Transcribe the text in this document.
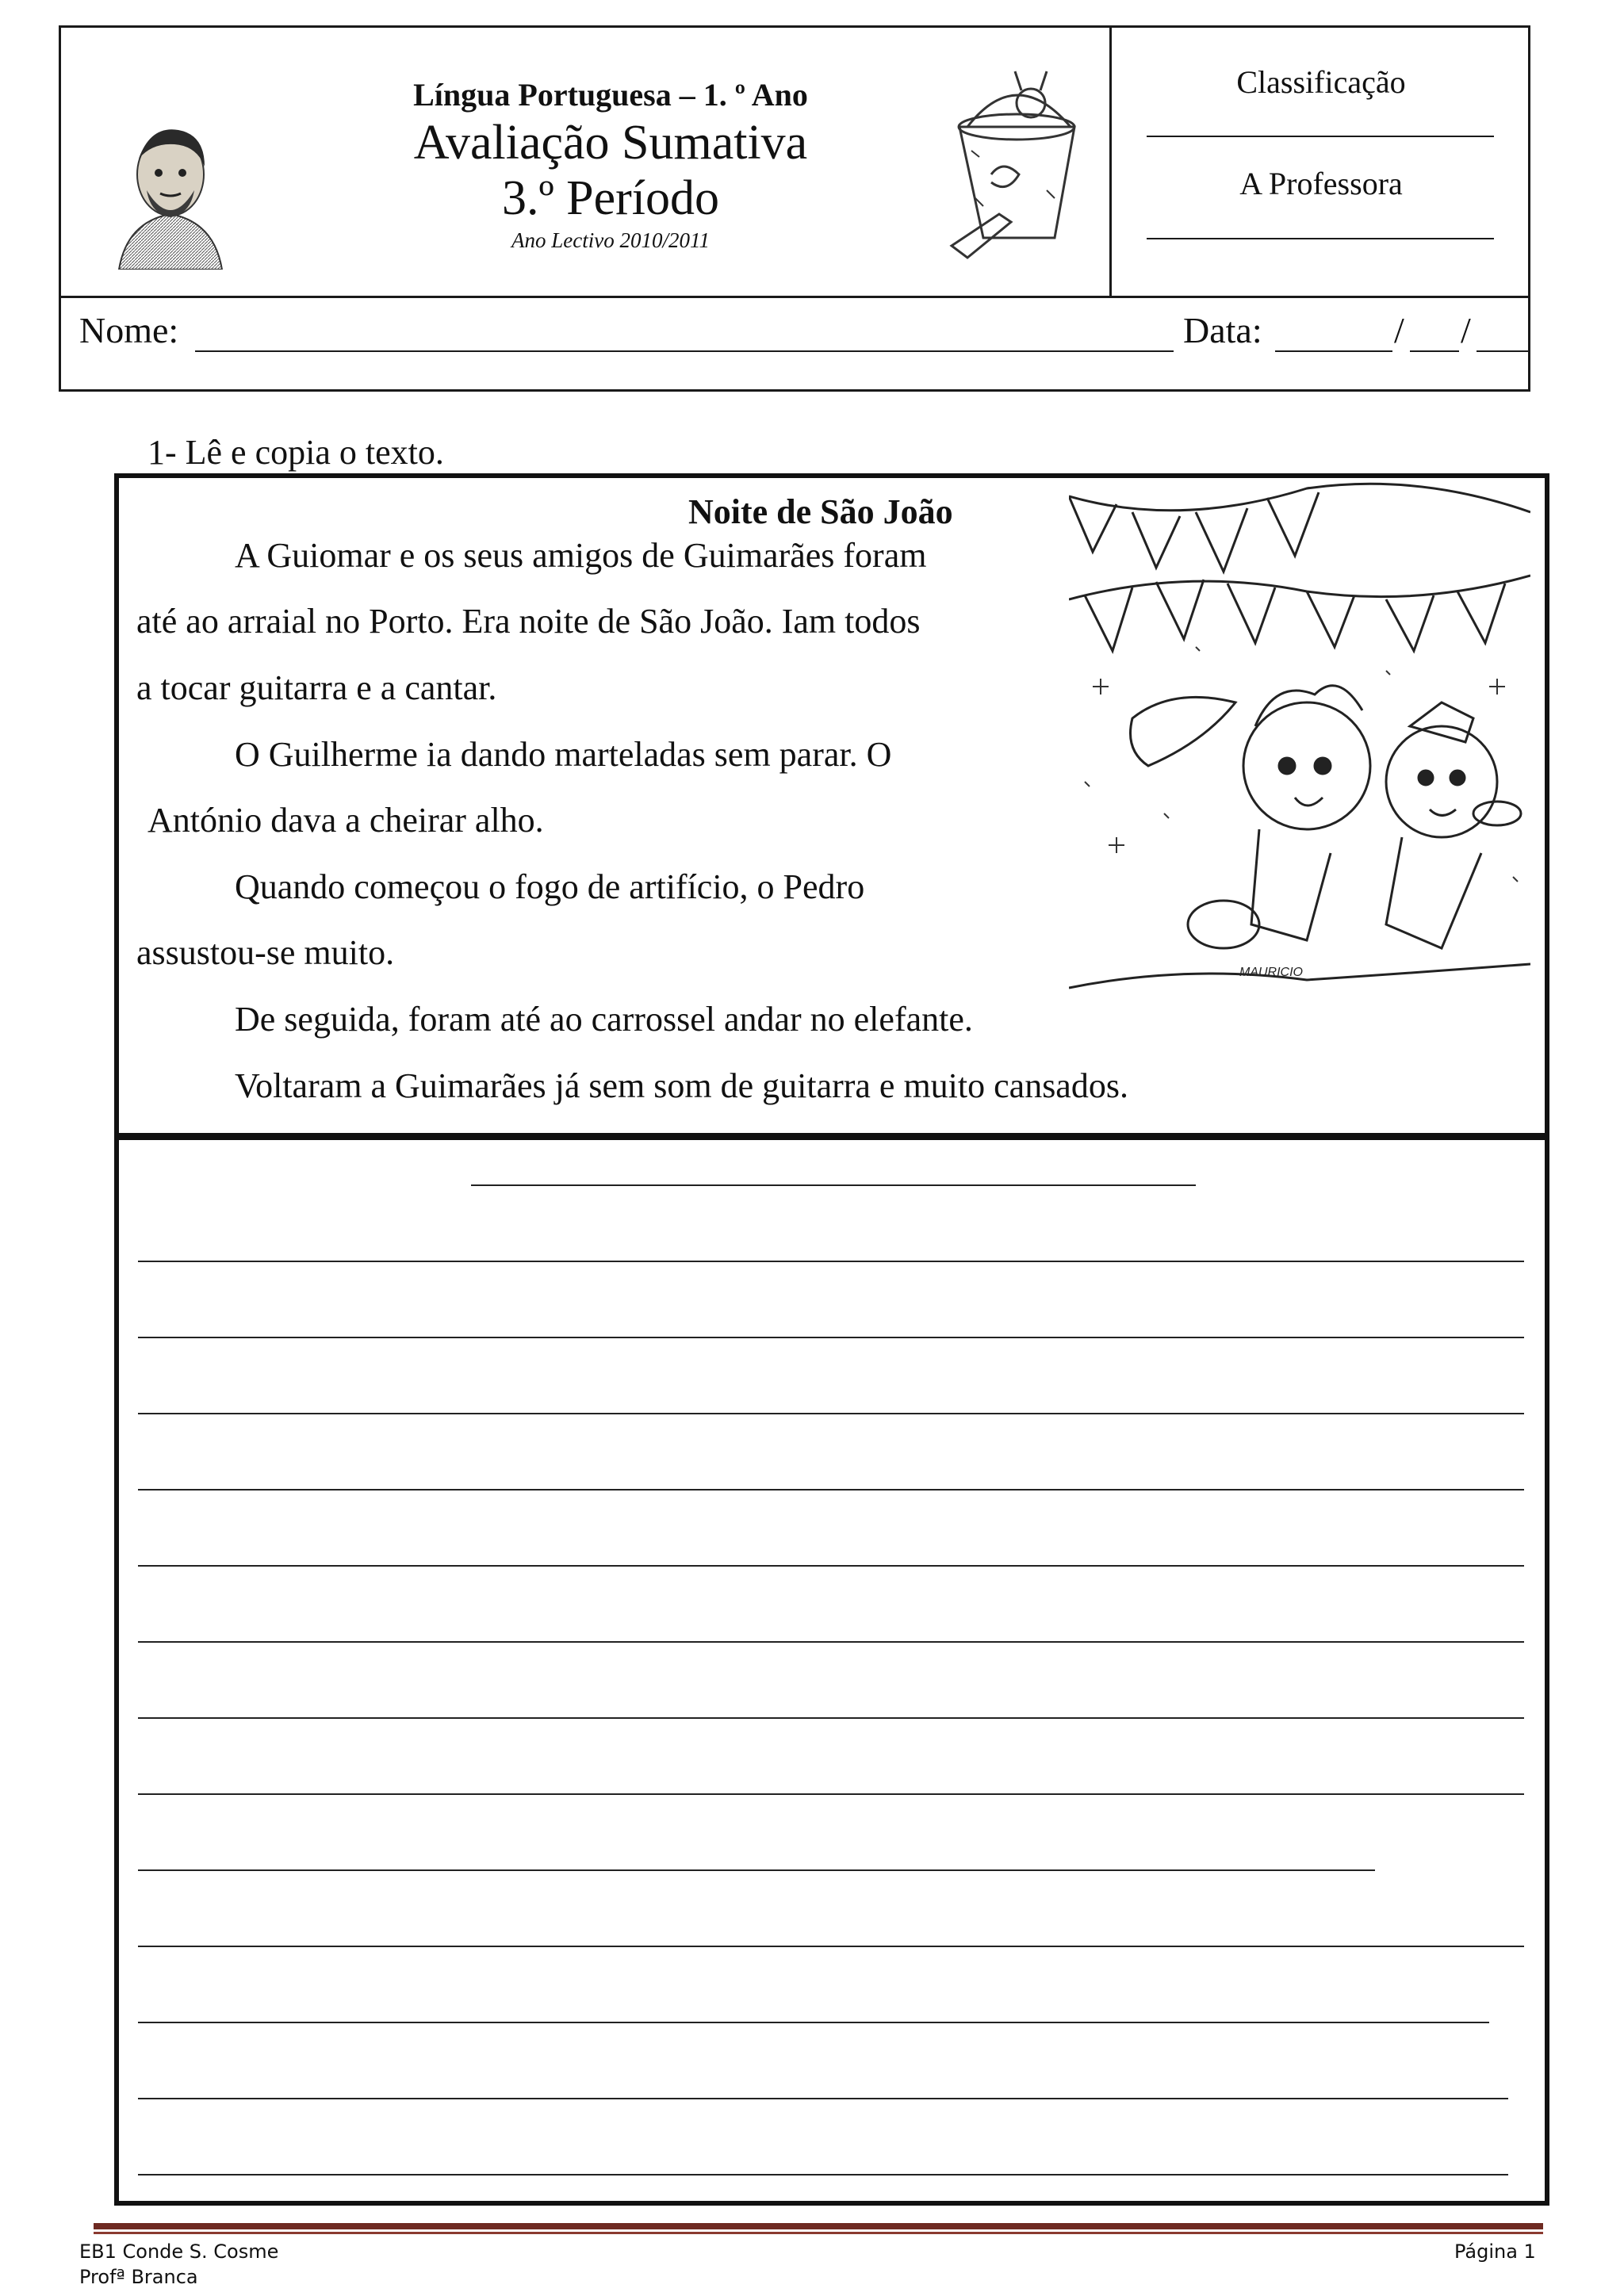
Língua Portuguesa – 1. º Ano
Avaliação Sumativa
3.º Período
Ano Lectivo 2010/2011
Classificação
A Professora
Nome:	Data:	/ /
1- Lê e copia o texto.
Noite de São João
A Guiomar e os seus amigos de Guimarães foram
até ao arraial no Porto. Era noite de São João. Iam todos
a tocar guitarra e a cantar.
O Guilherme ia dando marteladas sem parar. O
António dava a cheirar alho.
Quando começou o fogo de artifício, o Pedro
assustou-se muito.
De seguida, foram até ao carrossel andar no elefante.
Voltaram a Guimarães já sem som de guitarra e muito cansados.
MAURICIO
EB1 Conde S. Cosme
Profª Branca
Página 1
